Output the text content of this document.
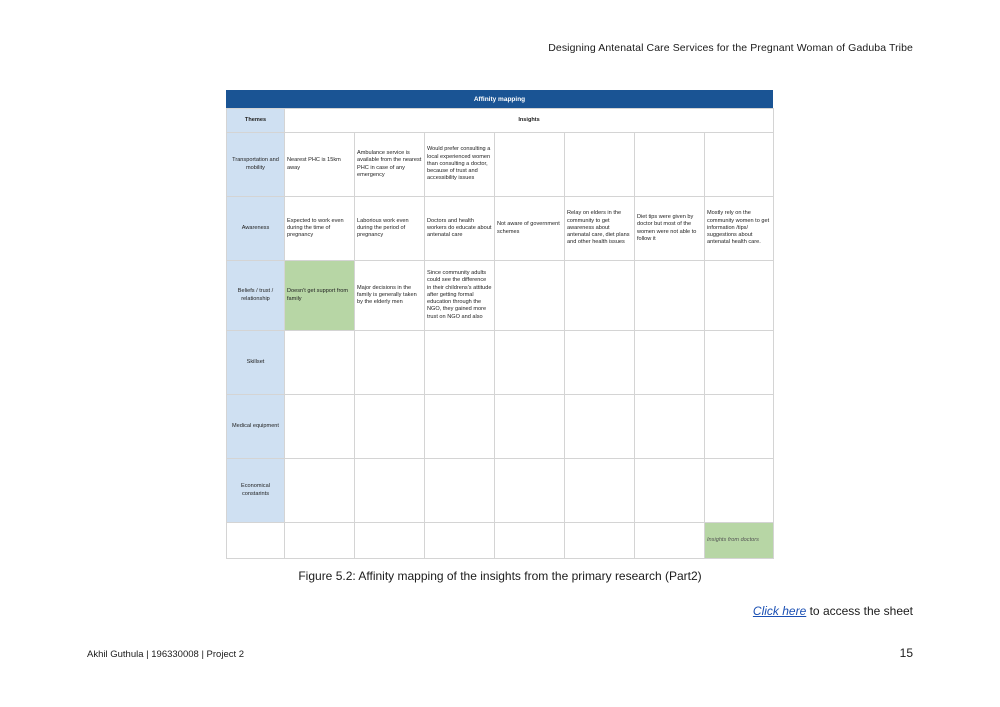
Designing Antenatal Care Services for the Pregnant Woman of Gaduba Tribe
Affinity mapping
Themes	Insights						
Transportation and mobility	Nearest PHC is 15km away	Ambulance service is available from the nearest PHC in case of any emergency	Would prefer consulting a local experienced women than consulting a doctor, because of trust and accessibility issues				
Awareness	Expected to work even during the time of pregnancy	Laborious work even during the period of pregnancy	Doctors and health workers do educate about antenatal care	Not aware of government schemes	Relay on elders in the community to get awareness about antenatal care, diet plans and other health issues	Diet tips were given by doctor but most of the women were not able to follow it	Mostly rely on the community women to get information /tips/ suggestions about antenatal health care.
Beliefs / trust / relationship	Doesn't get support from family	Major decisions in the family is generally taken by the elderly men	Since community adults could see the difference in their childrens's attitude after getting formal education through the NGO, they gained more trust on NGO and also				
Skillset							
Medical equipment							
Economical constarints							
							Insights from doctors
Figure 5.2: Affinity mapping of the insights from the primary research (Part2)
Click here to access the sheet
Akhil Guthula | 196330008 | Project 2	15
